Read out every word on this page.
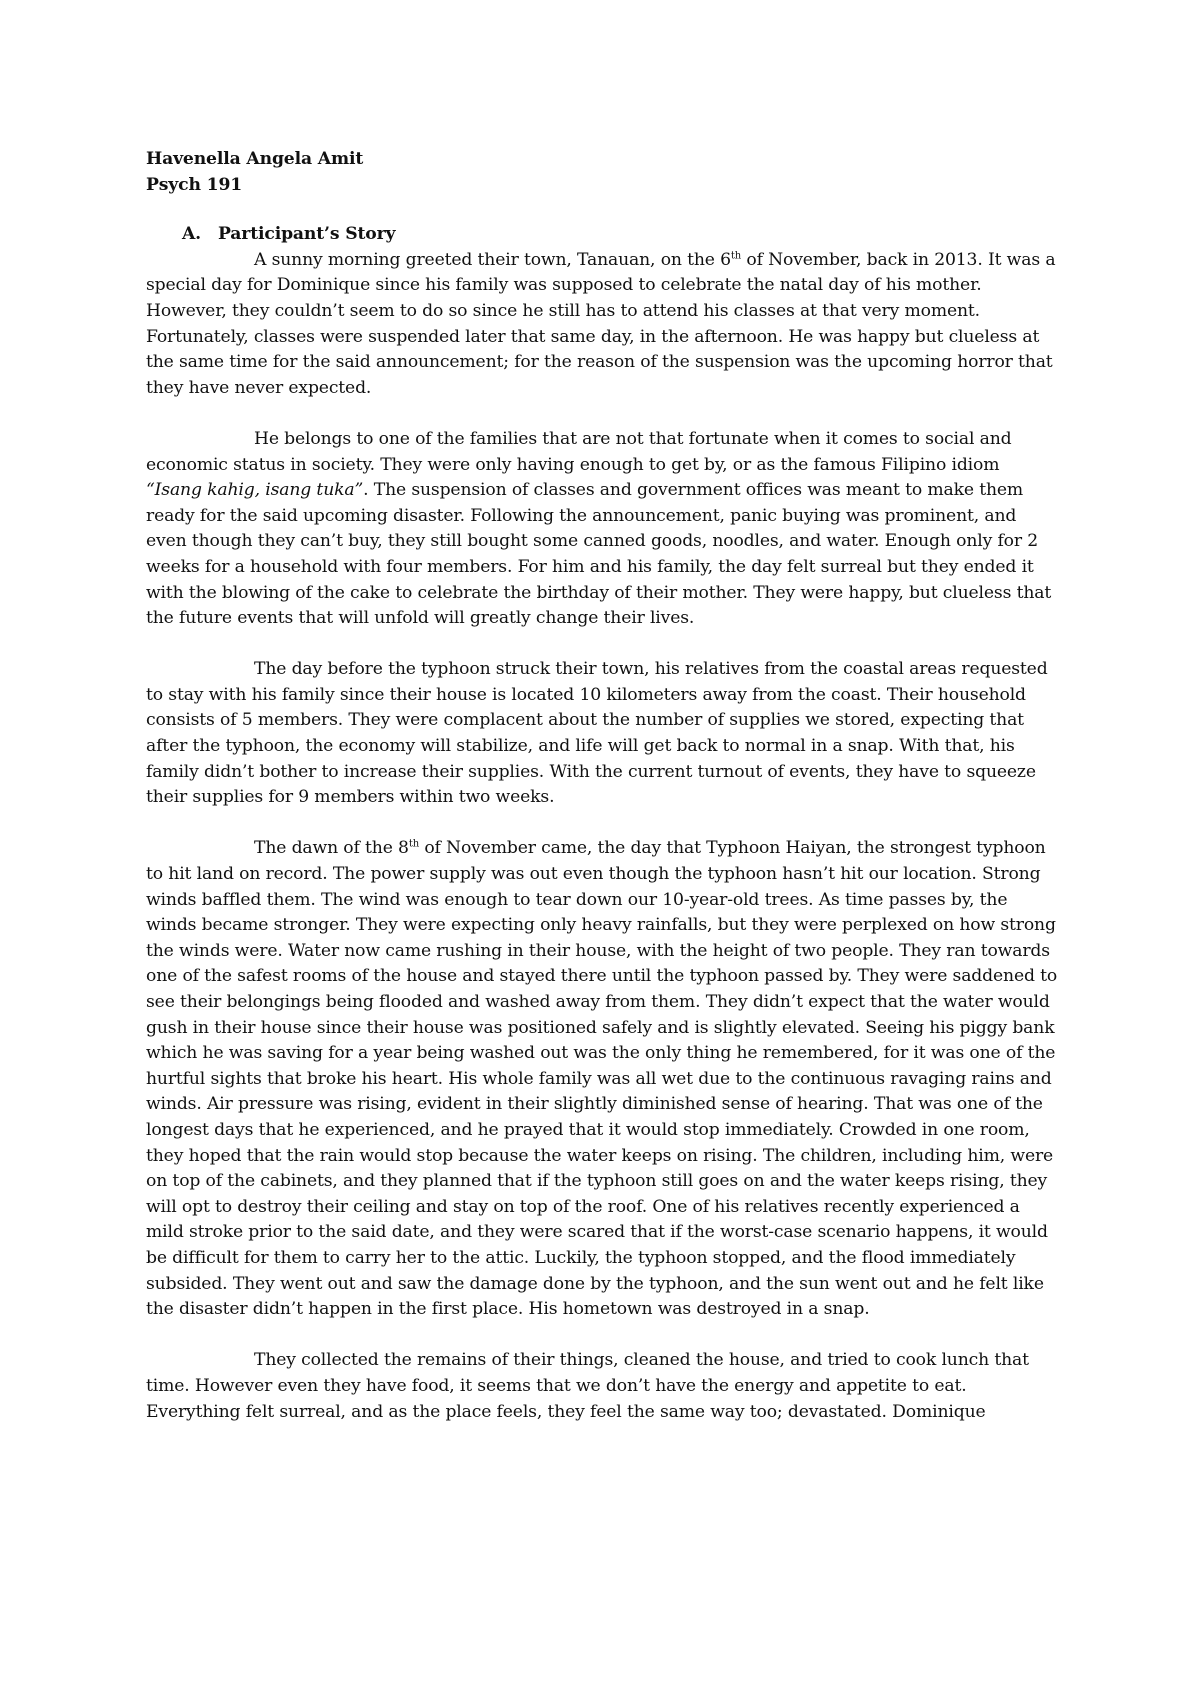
Havenella Angela Amit

Psych 191

A. Participant’s Story

A sunny morning greeted their town, Tanauan, on the 6th of November, back in 2013. It was a special day for Dominique since his family was supposed to celebrate the natal day of his mother. However, they couldn’t seem to do so since he still has to attend his classes at that very moment. Fortunately, classes were suspended later that same day, in the afternoon. He was happy but clueless at the same time for the said announcement; for the reason of the suspension was the upcoming horror that they have never expected.

He belongs to one of the families that are not that fortunate when it comes to social and economic status in society. They were only having enough to get by, or as the famous Filipino idiom “Isang kahig, isang tuka”. The suspension of classes and government offices was meant to make them ready for the said upcoming disaster. Following the announcement, panic buying was prominent, and even though they can’t buy, they still bought some canned goods, noodles, and water. Enough only for 2 weeks for a household with four members. For him and his family, the day felt surreal but they ended it with the blowing of the cake to celebrate the birthday of their mother. They were happy, but clueless that the future events that will unfold will greatly change their lives.

The day before the typhoon struck their town, his relatives from the coastal areas requested to stay with his family since their house is located 10 kilometers away from the coast. Their household consists of 5 members. They were complacent about the number of supplies we stored, expecting that after the typhoon, the economy will stabilize, and life will get back to normal in a snap. With that, his family didn’t bother to increase their supplies. With the current turnout of events, they have to squeeze their supplies for 9 members within two weeks.

The dawn of the 8th of November came, the day that Typhoon Haiyan, the strongest typhoon to hit land on record. The power supply was out even though the typhoon hasn’t hit our location. Strong winds baffled them. The wind was enough to tear down our 10-year-old trees. As time passes by, the winds became stronger. They were expecting only heavy rainfalls, but they were perplexed on how strong the winds were. Water now came rushing in their house, with the height of two people. They ran towards one of the safest rooms of the house and stayed there until the typhoon passed by. They were saddened to see their belongings being flooded and washed away from them. They didn’t expect that the water would gush in their house since their house was positioned safely and is slightly elevated. Seeing his piggy bank which he was saving for a year being washed out was the only thing he remembered, for it was one of the hurtful sights that broke his heart. His whole family was all wet due to the continuous ravaging rains and winds. Air pressure was rising, evident in their slightly diminished sense of hearing. That was one of the longest days that he experienced, and he prayed that it would stop immediately. Crowded in one room, they hoped that the rain would stop because the water keeps on rising. The children, including him, were on top of the cabinets, and they planned that if the typhoon still goes on and the water keeps rising, they will opt to destroy their ceiling and stay on top of the roof. One of his relatives recently experienced a mild stroke prior to the said date, and they were scared that if the worst-case scenario happens, it would be difficult for them to carry her to the attic. Luckily, the typhoon stopped, and the flood immediately subsided. They went out and saw the damage done by the typhoon, and the sun went out and he felt like the disaster didn’t happen in the first place. His hometown was destroyed in a snap.

They collected the remains of their things, cleaned the house, and tried to cook lunch that time. However even they have food, it seems that we don’t have the energy and appetite to eat. Everything felt surreal, and as the place feels, they feel the same way too; devastated. Dominique
